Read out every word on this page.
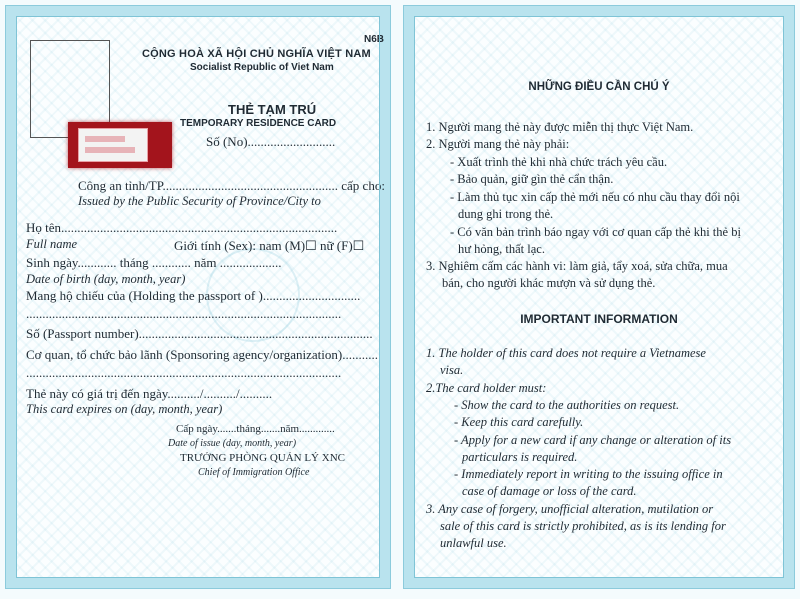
N6B
CỘNG HOÀ XÃ HỘI CHỦ NGHĨA VIỆT NAM
Socialist Republic of Viet Nam
THẺ TẠM TRÚ
TEMPORARY RESIDENCE CARD
Số (No)...........................
Công an tỉnh/TP...................................................... cấp cho:
Issued by the Public Security of Province/City to
Họ tên.....................................................................................
Full name	Giới tính (Sex): nam (M)☐ nữ (F)☐
Sinh ngày............ tháng ............ năm ...................
Date of birth (day, month, year)
Mang hộ chiếu của (Holding the passport of )..............................
.................................................................................................
Số (Passport number)........................................................................
Cơ quan, tổ chức bảo lãnh (Sponsoring agency/organization)...........
.................................................................................................
Thẻ này có giá trị đến ngày........../........../..........
This card expires on (day, month, year)
Cấp ngày.......tháng.......năm.............
Date of issue (day, month, year)
TRƯỞNG PHÒNG QUẢN LÝ XNC
Chief of Immigration Office
NHỮNG ĐIỀU CẦN CHÚ Ý
1. Người mang thẻ này được miễn thị thực Việt Nam.
2. Người mang thẻ này phải:
- Xuất trình thẻ khi nhà chức trách yêu cầu.
- Bảo quản, giữ gìn thẻ cẩn thận.
- Làm thủ tục xin cấp thẻ mới nếu có nhu cầu thay đổi nội
dung ghi trong thẻ.
- Có văn bản trình báo ngay với cơ quan cấp thẻ khi thẻ bị
hư hỏng, thất lạc.
3. Nghiêm cấm các hành vi: làm giả, tẩy xoá, sửa chữa, mua
bán, cho người khác mượn và sử dụng thẻ.
IMPORTANT INFORMATION
1. The holder of this card does not require a Vietnamese
visa.
2.The card holder must:
- Show the card to the authorities on request.
- Keep this card carefully.
- Apply for a new card if any change or alteration of its
particulars is required.
- Immediately report in writing to the issuing office in
case of damage or loss of the card.
3. Any case of forgery, unofficial alteration, mutilation or
sale of this card is strictly prohibited, as is its lending for
unlawful use.
